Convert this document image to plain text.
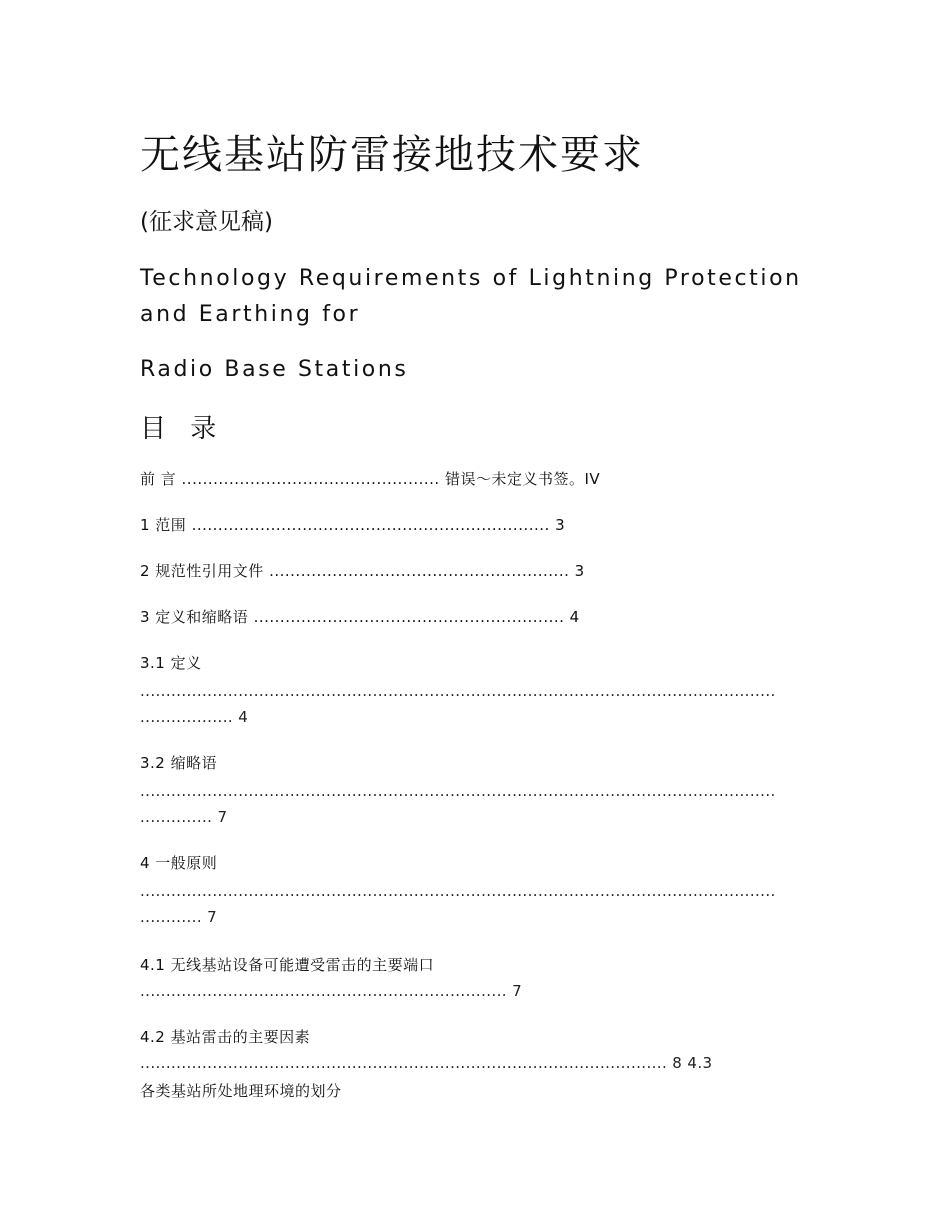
无线基站防雷接地技术要求
(征求意见稿)
Technology Requirements of Lightning Protection
and Earthing for
Radio Base Stations
目 录
前 言 ................................................. 错误～未定义书签。IV
1 范围 .................................................................... 3
2 规范性引用文件 ......................................................... 3
3 定义和缩略语 ........................................................... 4
3.1 定义
...........................................................................................................................
.................. 4
3.2 缩略语
...........................................................................................................................
.............. 7
4 一般原则
...........................................................................................................................
............ 7
4.1 无线基站设备可能遭受雷击的主要端口
....................................................................... 7
4.2 基站雷击的主要因素
...................................................................................................... 8 4.3
各类基站所处地理环境的划分
